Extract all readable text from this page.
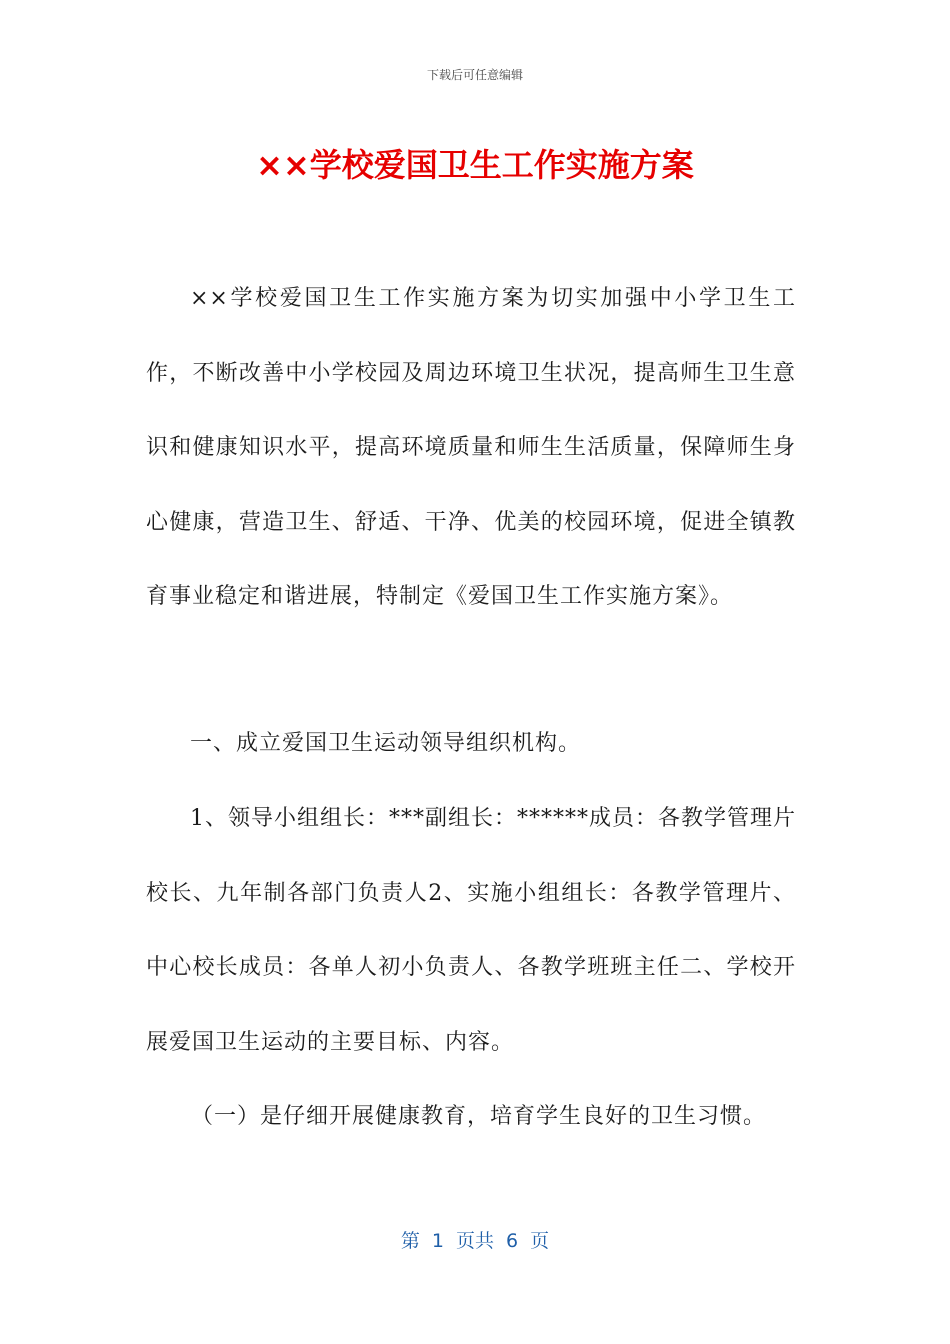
下载后可任意编辑
××学校爱国卫生工作实施方案

××学校爱国卫生工作实施方案为切实加强中小学卫生工作，不断改善中小学校园及周边环境卫生状况，提高师生卫生意识和健康知识水平，提高环境质量和师生生活质量，保障师生身心健康，营造卫生、舒适、干净、优美的校园环境，促进全镇教育事业稳定和谐进展，特制定《爱国卫生工作实施方案》。

一、成立爱国卫生运动领导组织机构。

1、领导小组组长：***副组长：******成员：各教学管理片校长、九年制各部门负责人2、实施小组组长：各教学管理片、中心校长成员：各单人初小负责人、各教学班班主任二、学校开展爱国卫生运动的主要目标、内容。

（一）是仔细开展健康教育，培育学生良好的卫生习惯。

第 1 页共 6 页
